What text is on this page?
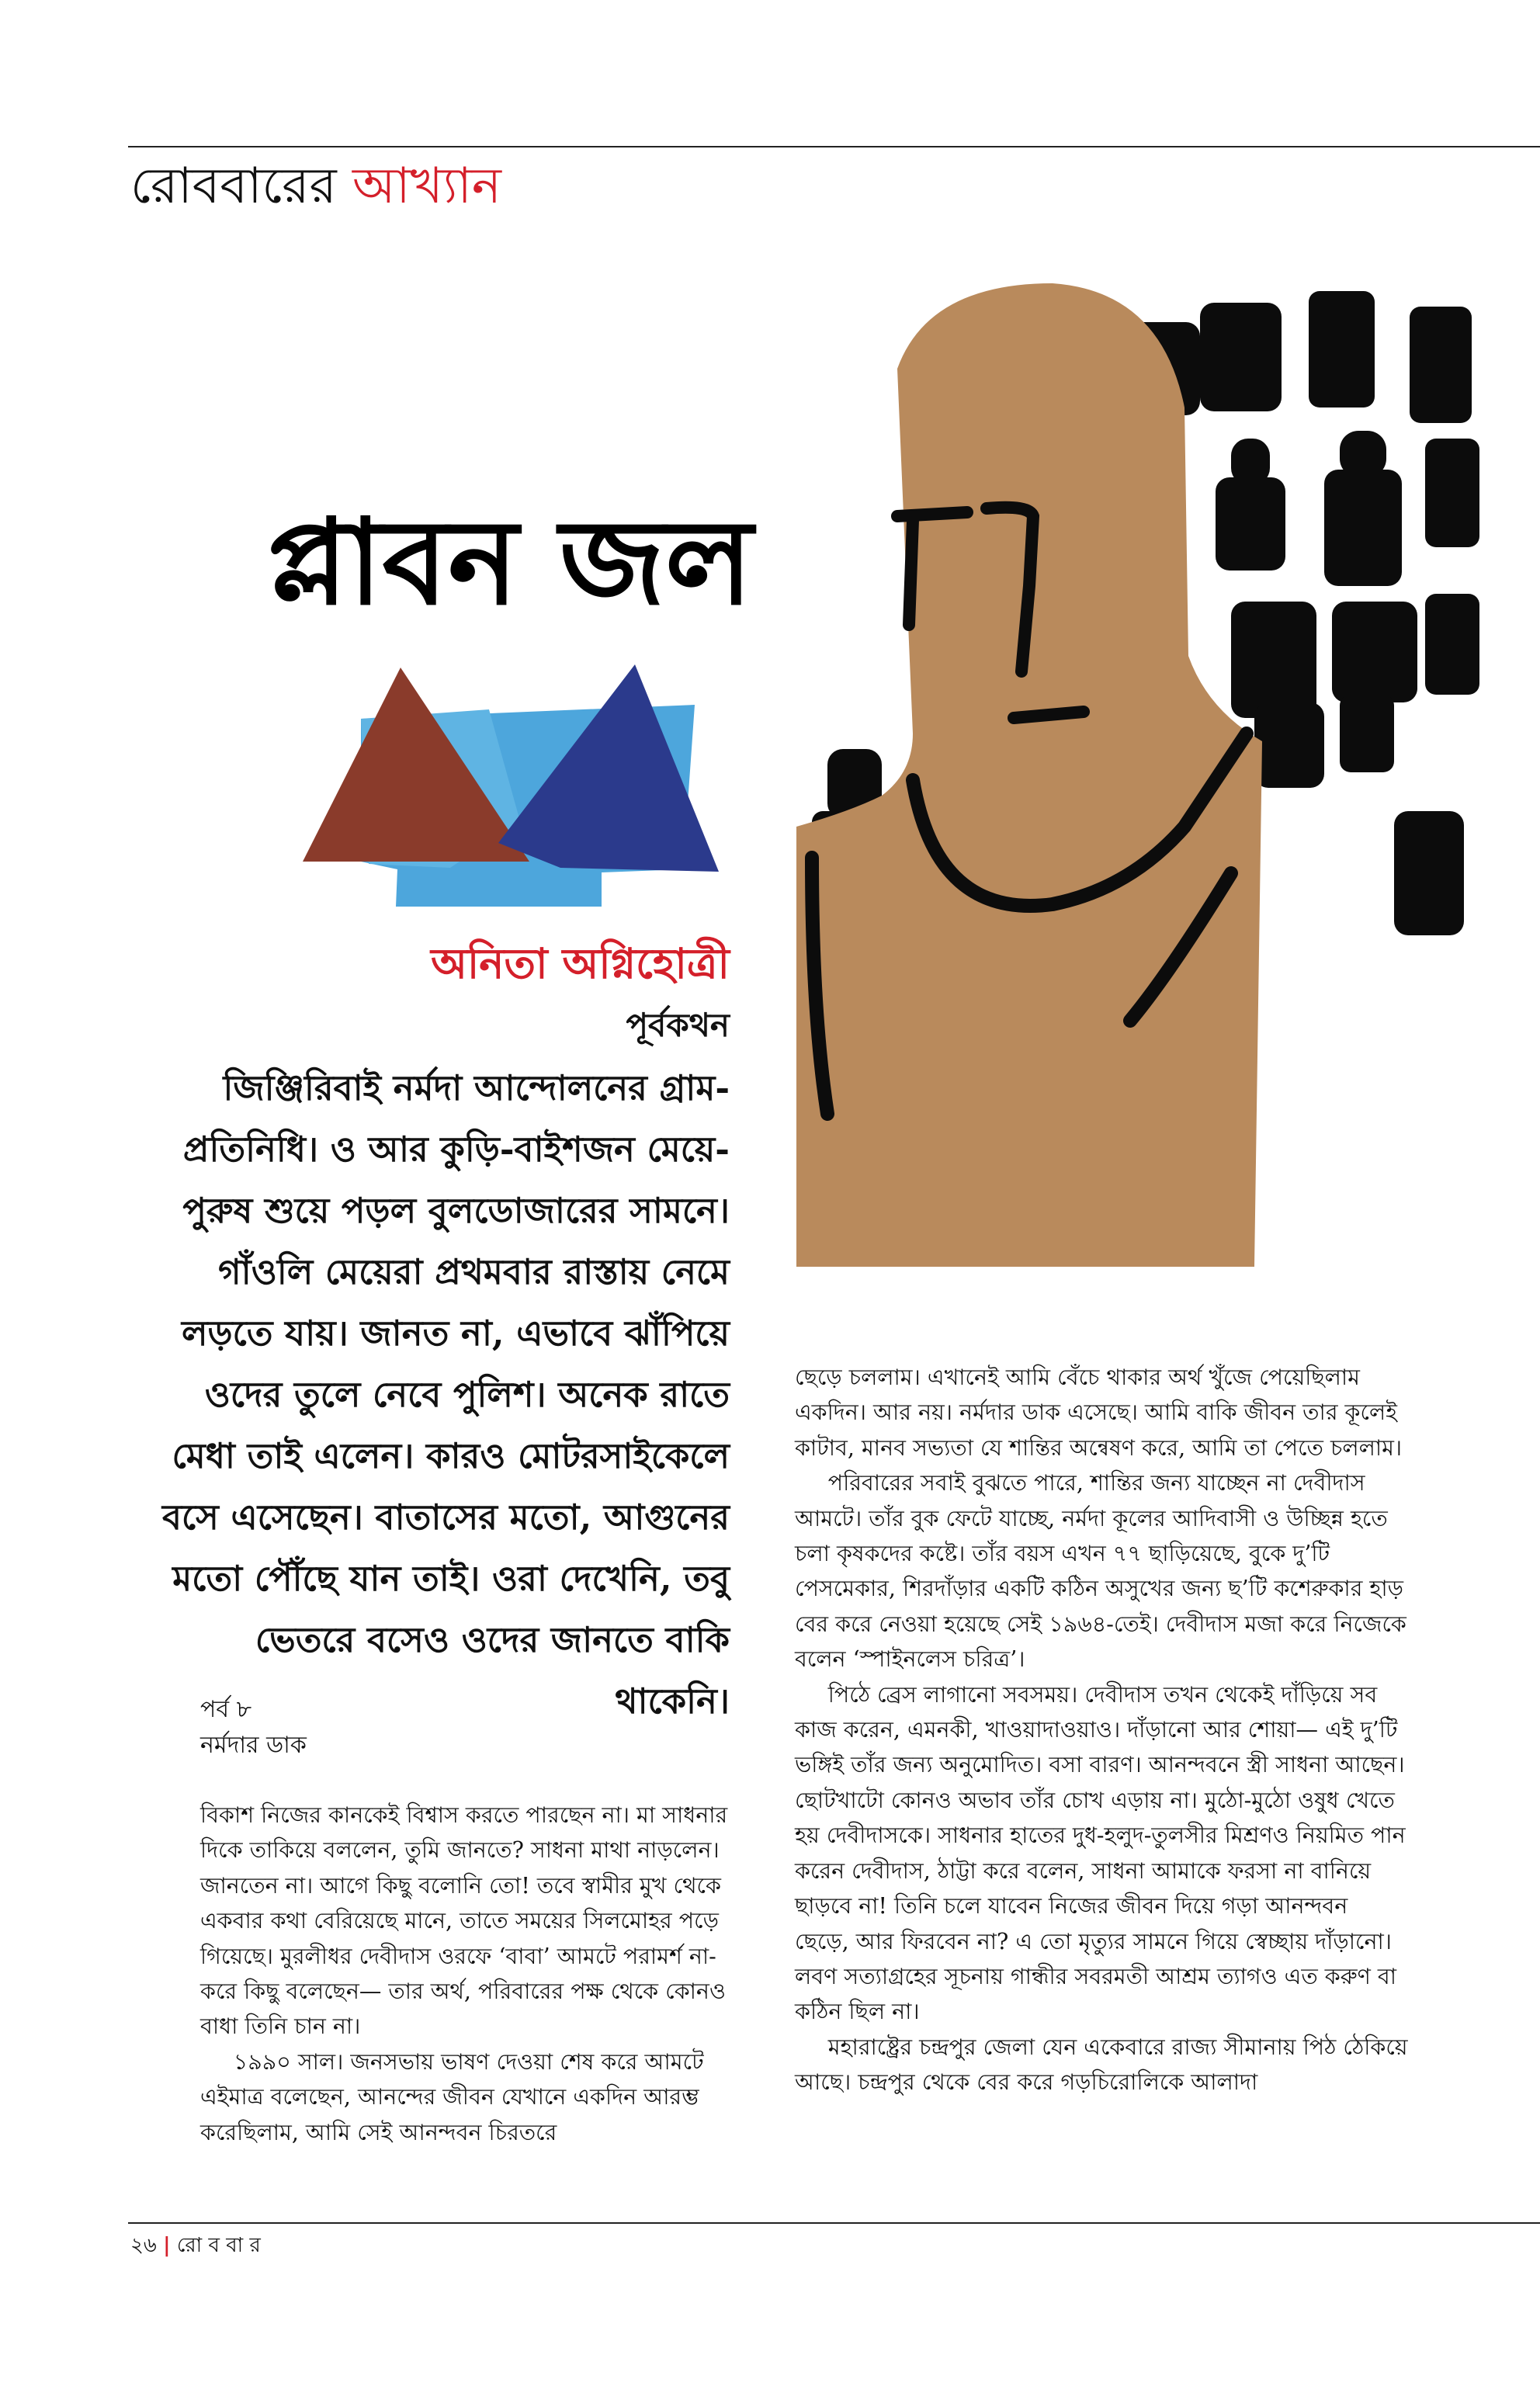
রোববারের আখ্যান
প্লাবন জল
অনিতা অগ্নিহোত্রী
পূর্বকথন
জিঞ্জিরিবাই নর্মদা আন্দোলনের গ্রাম-প্রতিনিধি। ও আর কুড়ি-বাইশজন মেয়ে-পুরুষ শুয়ে পড়ল বুলডোজারের সামনে। গাঁওলি মেয়েরা প্রথমবার রাস্তায় নেমে লড়তে যায়। জানত না, এভাবে ঝাঁপিয়ে ওদের তুলে নেবে পুলিশ। অনেক রাতে মেধা তাই এলেন। কারও মোটরসাইকেলে বসে এসেছেন। বাতাসের মতো, আগুনের মতো পৌঁছে যান তাই। ওরা দেখেনি, তবু ভেতরে বসেও ওদের জানতে বাকি থাকেনি।
পর্ব ৮
নর্মদার ডাক

বিকাশ নিজের কানকেই বিশ্বাস করতে পারছেন না। মা সাধনার দিকে তাকিয়ে বললেন, তুমি জানতে? সাধনা মাথা নাড়লেন। জানতেন না। আগে কিছু বলোনি তো! তবে স্বামীর মুখ থেকে একবার কথা বেরিয়েছে মানে, তাতে সময়ের সিলমোহর পড়ে গিয়েছে। মুরলীধর দেবীদাস ওরফে ‘বাবা’ আমটে পরামর্শ না-করে কিছু বলেছেন— তার অর্থ, পরিবারের পক্ষ থেকে কোনও বাধা তিনি চান না।

১৯৯০ সাল। জনসভায় ভাষণ দেওয়া শেষ করে আমটে এইমাত্র বলেছেন, আনন্দের জীবন যেখানে একদিন আরম্ভ করেছিলাম, আমি সেই আনন্দবন চিরতরে

ছেড়ে চললাম। এখানেই আমি বেঁচে থাকার অর্থ খুঁজে পেয়েছিলাম একদিন। আর নয়। নর্মদার ডাক এসেছে। আমি বাকি জীবন তার কূলেই কাটাব, মানব সভ্যতা যে শান্তির অন্বেষণ করে, আমি তা পেতে চললাম।

পরিবারের সবাই বুঝতে পারে, শান্তির জন্য যাচ্ছেন না দেবীদাস আমটে। তাঁর বুক ফেটে যাচ্ছে, নর্মদা কূলের আদিবাসী ও উচ্ছিন্ন হতে চলা কৃষকদের কষ্টে। তাঁর বয়স এখন ৭৭ ছাড়িয়েছে, বুকে দু’টি পেসমেকার, শিরদাঁড়ার একটি কঠিন অসুখের জন্য ছ’টি কশেরুকার হাড় বের করে নেওয়া হয়েছে সেই ১৯৬৪-তেই। দেবীদাস মজা করে নিজেকে বলেন ‘স্পাইনলেস চরিত্র’।

পিঠে ব্রেস লাগানো সবসময়। দেবীদাস তখন থেকেই দাঁড়িয়ে সব কাজ করেন, এমনকী, খাওয়াদাওয়াও। দাঁড়ানো আর শোয়া— এই দু’টি ভঙ্গিই তাঁর জন্য অনুমোদিত। বসা বারণ। আনন্দবনে স্ত্রী সাধনা আছেন। ছোটখাটো কোনও অভাব তাঁর চোখ এড়ায় না। মুঠো-মুঠো ওষুধ খেতে হয় দেবীদাসকে। সাধনার হাতের দুধ-হলুদ-তুলসীর মিশ্রণও নিয়মিত পান করেন দেবীদাস, ঠাট্টা করে বলেন, সাধনা আমাকে ফরসা না বানিয়ে ছাড়বে না! তিনি চলে যাবেন নিজের জীবন দিয়ে গড়া আনন্দবন ছেড়ে, আর ফিরবেন না? এ তো মৃত্যুর সামনে গিয়ে স্বেচ্ছায় দাঁড়ানো। লবণ সত্যাগ্রহের সূচনায় গান্ধীর সবরমতী আশ্রম ত্যাগও এত করুণ বা কঠিন ছিল না।

মহারাষ্ট্রের চন্দ্রপুর জেলা যেন একেবারে রাজ্য সীমানায় পিঠ ঠেকিয়ে আছে। চন্দ্রপুর থেকে বের করে গড়চিরোলিকে আলাদা

২৬ | রো ব বা র
